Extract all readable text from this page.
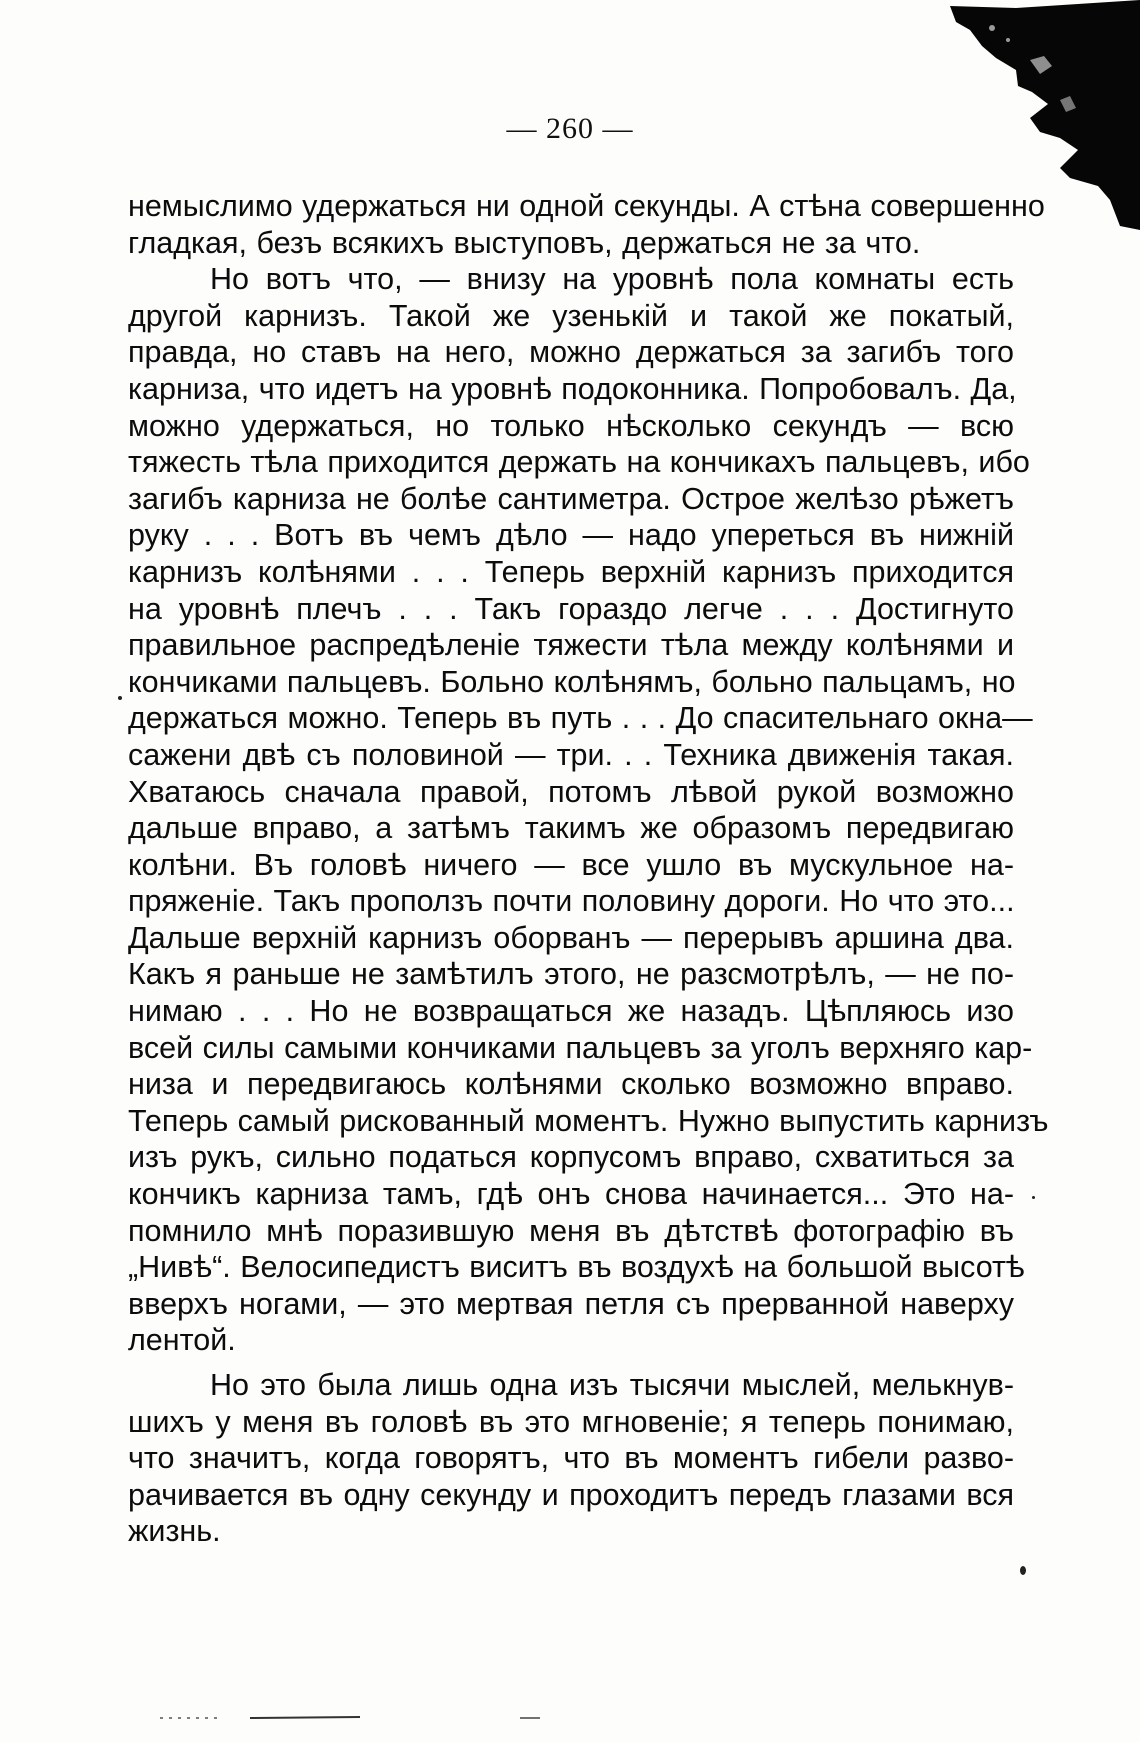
— 260 —
немыслимо удержаться ни одной секунды. А стѣна совершенно
гладкая, безъ всякихъ выступовъ, держаться не за что.
Но вотъ что, — внизу на уровнѣ пола комнаты есть
другой карнизъ. Такой же узенькій и такой же покатый,
правда, но ставъ на него, можно держаться за загибъ того
карниза, что идетъ на уровнѣ подоконника. Попробовалъ. Да,
можно удержаться, но только нѣсколько секундъ — всю
тяжесть тѣла приходится держать на кончикахъ пальцевъ, ибо
загибъ карниза не болѣе сантиметра. Острое желѣзо рѣжетъ
руку . . . Вотъ въ чемъ дѣло — надо упереться въ нижній
карнизъ колѣнями . . . Теперь верхній карнизъ приходится
на уровнѣ плечъ . . . Такъ гораздо легче . . . Достигнуто
правильное распредѣленіе тяжести тѣла между колѣнями и
кончиками пальцевъ. Больно колѣнямъ, больно пальцамъ, но
держаться можно. Теперь въ путь . . . До спасительнаго окна—
сажени двѣ съ половиной — три. . . Техника движенія такая.
Хватаюсь сначала правой, потомъ лѣвой рукой возможно
дальше вправо, а затѣмъ такимъ же образомъ передвигаю
колѣни. Въ головѣ ничего — все ушло въ мускульное на-
пряженіе. Такъ проползъ почти половину дороги. Но что это...
Дальше верхній карнизъ оборванъ — перерывъ аршина два.
Какъ я раньше не замѣтилъ этого, не разсмотрѣлъ, — не по-
нимаю . . . Но не возвращаться же назадъ. Цѣпляюсь изо
всей силы самыми кончиками пальцевъ за уголъ верхняго кар-
низа и передвигаюсь колѣнями сколько возможно вправо.
Теперь самый рискованный моментъ. Нужно выпустить карнизъ
изъ рукъ, сильно податься корпусомъ вправо, схватиться за
кончикъ карниза тамъ, гдѣ онъ снова начинается... Это на-
помнило мнѣ поразившую меня въ дѣтствѣ фотографію въ
„Нивѣ“. Велосипедистъ виситъ въ воздухѣ на большой высотѣ
вверхъ ногами, — это мертвая петля съ прерванной наверху
лентой.
Но это была лишь одна изъ тысячи мыслей, мелькнув-
шихъ у меня въ головѣ въ это мгновеніе; я теперь понимаю,
что значитъ, когда говорятъ, что въ моментъ гибели разво-
рачивается въ одну секунду и проходитъ передъ глазами вся
жизнь.
